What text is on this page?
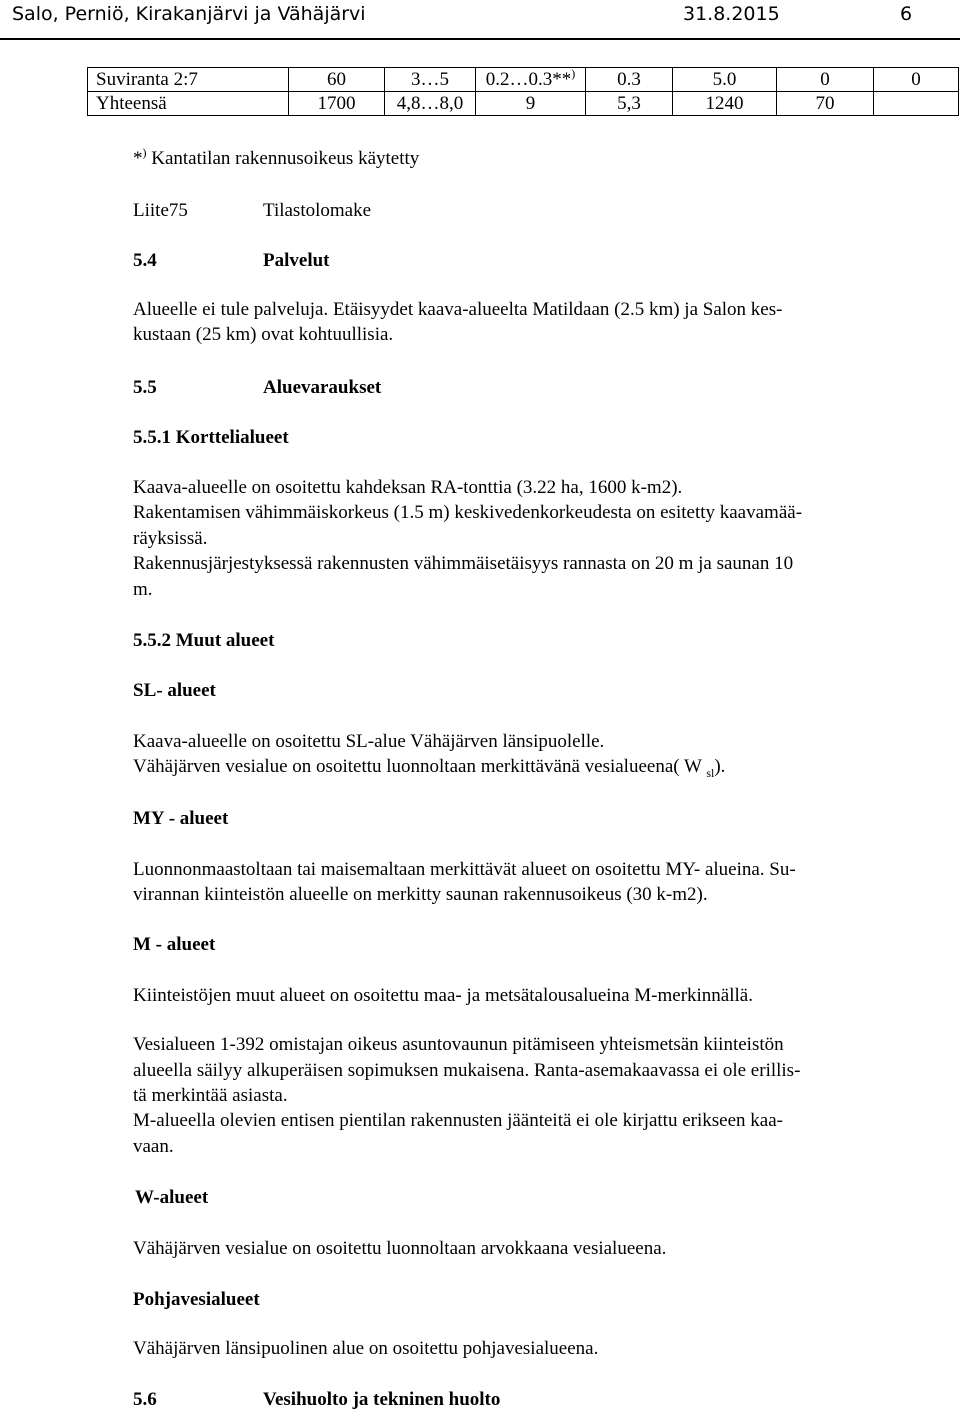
Salo, Perniö, Kirakanjärvi ja Vähäjärvi	31.8.2015	6
Suviranta 2:7	60	3…5	0.2…0.3**)	0.3	5.0	0	0
Yhteensä	1700	4,8…8,0	9	5,3	1240	70	
*) Kantatilan rakennusoikeus käytetty
Liite75	Tilastolomake
5.4	Palvelut
Alueelle ei tule palveluja. Etäisyydet kaava-alueelta Matildaan (2.5 km) ja Salon kes-
kustaan (25 km) ovat kohtuullisia.
5.5	Aluevaraukset
5.5.1 Korttelialueet
Kaava-alueelle on osoitettu kahdeksan RA-tonttia (3.22 ha, 1600 k-m2).
Rakentamisen vähimmäiskorkeus (1.5 m) keskivedenkorkeudesta on esitetty kaavamää-
räyksissä.
Rakennusjärjestyksessä rakennusten vähimmäisetäisyys rannasta on 20 m ja saunan 10
m.
5.5.2 Muut alueet
SL- alueet
Kaava-alueelle on osoitettu SL-alue Vähäjärven länsipuolelle.
Vähäjärven vesialue on osoitettu luonnoltaan merkittävänä vesialueena( W $_{sl}$).
MY - alueet
Luonnonmaastoltaan tai maisemaltaan merkittävät alueet on osoitettu MY- alueina. Su-
virannan kiinteistön alueelle on merkitty saunan rakennusoikeus (30 k-m2).
M - alueet
Kiinteistöjen muut alueet on osoitettu maa- ja metsätalousalueina M-merkinnällä.
Vesialueen 1-392 omistajan oikeus asuntovaunun pitämiseen yhteismetsän kiinteistön
alueella säilyy alkuperäisen sopimuksen mukaisena. Ranta-asemakaavassa ei ole erillis-
tä merkintää asiasta.
M-alueella olevien entisen pientilan rakennusten jäänteitä ei ole kirjattu erikseen kaa-
vaan.
W-alueet
Vähäjärven vesialue on osoitettu luonnoltaan arvokkaana vesialueena.
Pohjavesialueet
Vähäjärven länsipuolinen alue on osoitettu pohjavesialueena.
5.6	Vesihuolto ja tekninen huolto
